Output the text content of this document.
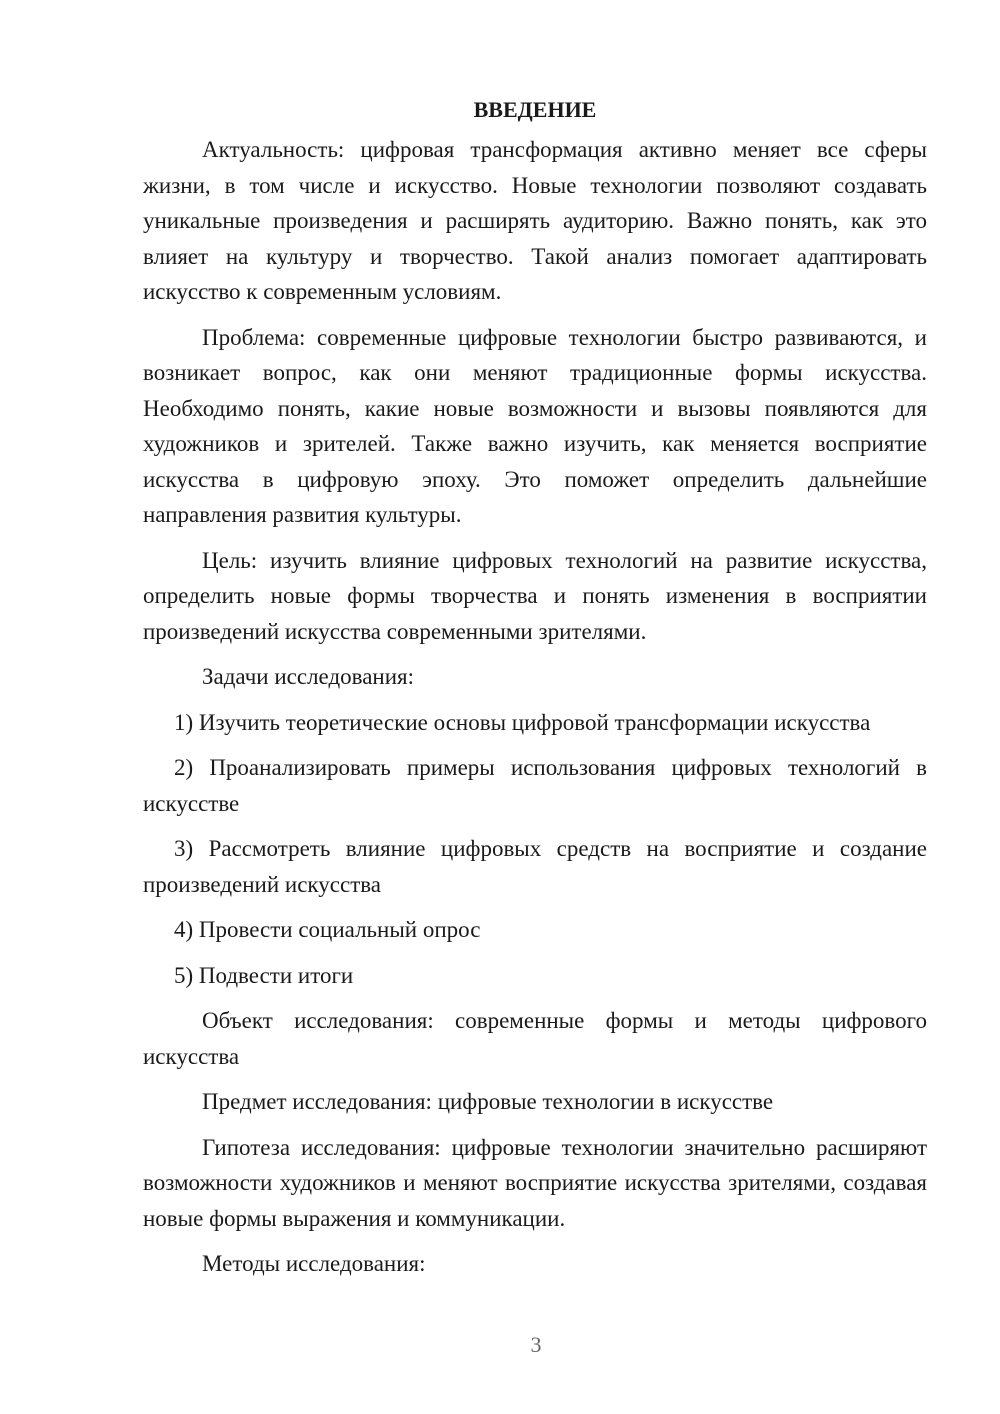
ВВЕДЕНИЕ

Актуальность: цифровая трансформация активно меняет все сферы жизни, в том числе и искусство. Новые технологии позволяют создавать уникальные произведения и расширять аудиторию. Важно понять, как это влияет на культуру и творчество. Такой анализ помогает адаптировать искусство к современным условиям.

Проблема: современные цифровые технологии быстро развиваются, и возникает вопрос, как они меняют традиционные формы искусства. Необходимо понять, какие новые возможности и вызовы появляются для художников и зрителей. Также важно изучить, как меняется восприятие искусства в цифровую эпоху. Это поможет определить дальнейшие направления развития культуры.

Цель: изучить влияние цифровых технологий на развитие искусства, определить новые формы творчества и понять изменения в восприятии произведений искусства современными зрителями.

Задачи исследования:

1) Изучить теоретические основы цифровой трансформации искусства

2) Проанализировать примеры использования цифровых технологий в искусстве

3) Рассмотреть влияние цифровых средств на восприятие и создание произведений искусства

4) Провести социальный опрос

5) Подвести итоги

Объект исследования: современные формы и методы цифрового искусства

Предмет исследования: цифровые технологии в искусстве

Гипотеза исследования: цифровые технологии значительно расширяют возможности художников и меняют восприятие искусства зрителями, создавая новые формы выражения и коммуникации.

Методы исследования:

3
